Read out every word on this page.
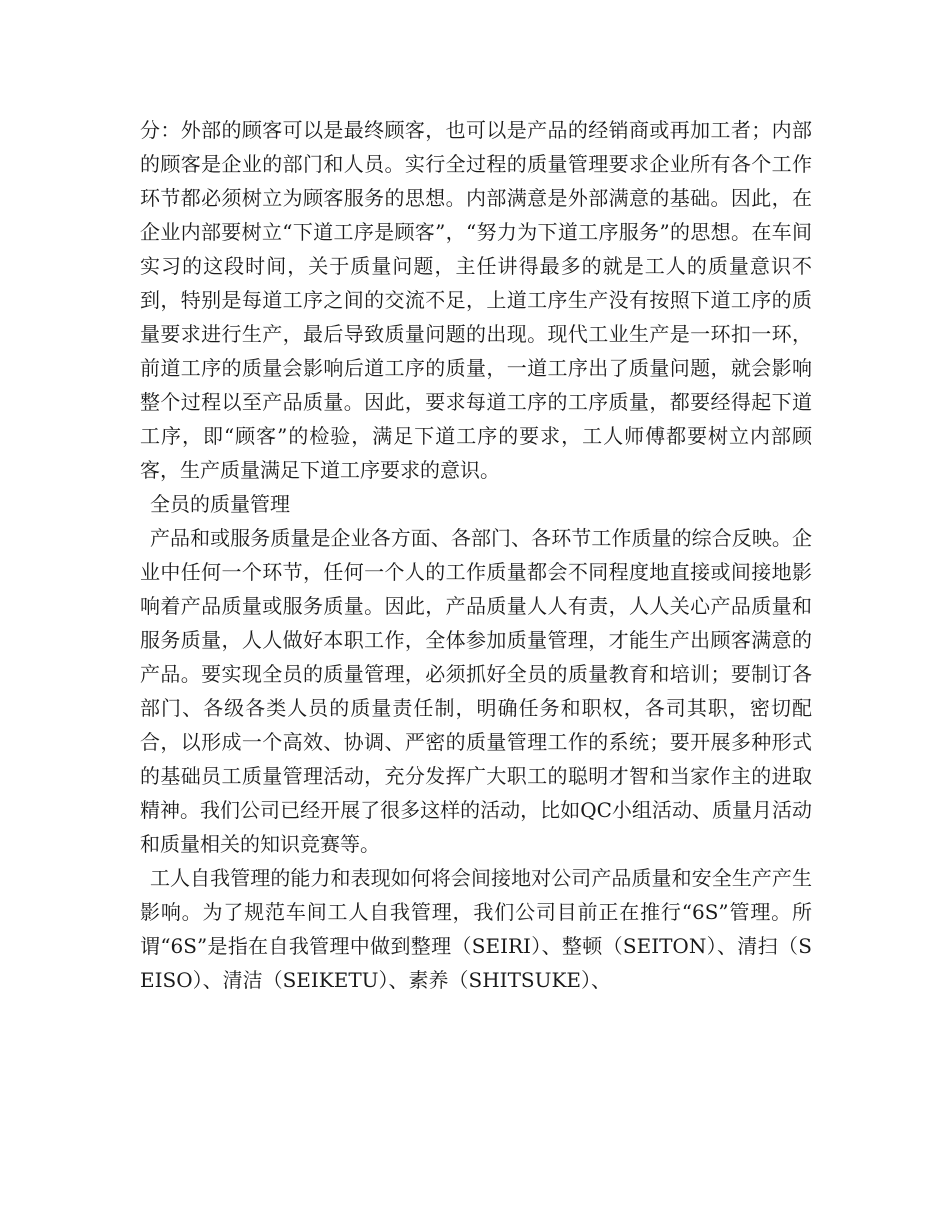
分：外部的顾客可以是最终顾客，也可以是产品的经销商或再加工者；内部的顾客是企业的部门和人员。实行全过程的质量管理要求企业所有各个工作环节都必须树立为顾客服务的思想。内部满意是外部满意的基础。因此，在企业内部要树立“下道工序是顾客”，“努力为下道工序服务”的思想。在车间实习的这段时间，关于质量问题，主任讲得最多的就是工人的质量意识不到，特别是每道工序之间的交流不足，上道工序生产没有按照下道工序的质量要求进行生产，最后导致质量问题的出现。现代工业生产是一环扣一环，前道工序的质量会影响后道工序的质量，一道工序出了质量问题，就会影响整个过程以至产品质量。因此，要求每道工序的工序质量，都要经得起下道工序，即“顾客”的检验，满足下道工序的要求，工人师傅都要树立内部顾客，生产质量满足下道工序要求的意识。

全员的质量管理

产品和或服务质量是企业各方面、各部门、各环节工作质量的综合反映。企业中任何一个环节，任何一个人的工作质量都会不同程度地直接或间接地影响着产品质量或服务质量。因此，产品质量人人有责，人人关心产品质量和服务质量，人人做好本职工作，全体参加质量管理，才能生产出顾客满意的产品。要实现全员的质量管理，必须抓好全员的质量教育和培训；要制订各部门、各级各类人员的质量责任制，明确任务和职权，各司其职，密切配合，以形成一个高效、协调、严密的质量管理工作的系统；要开展多种形式的基础员工质量管理活动，充分发挥广大职工的聪明才智和当家作主的进取精神。我们公司已经开展了很多这样的活动，比如QC小组活动、质量月活动和质量相关的知识竞赛等。

工人自我管理的能力和表现如何将会间接地对公司产品质量和安全生产产生影响。为了规范车间工人自我管理，我们公司目前正在推行“6S”管理。所谓“6S”是指在自我管理中做到整理（SEIRI）、整顿（SEITON）、清扫（SEISO）、清洁（SEIKETU）、素养（SHITSUKE）、
